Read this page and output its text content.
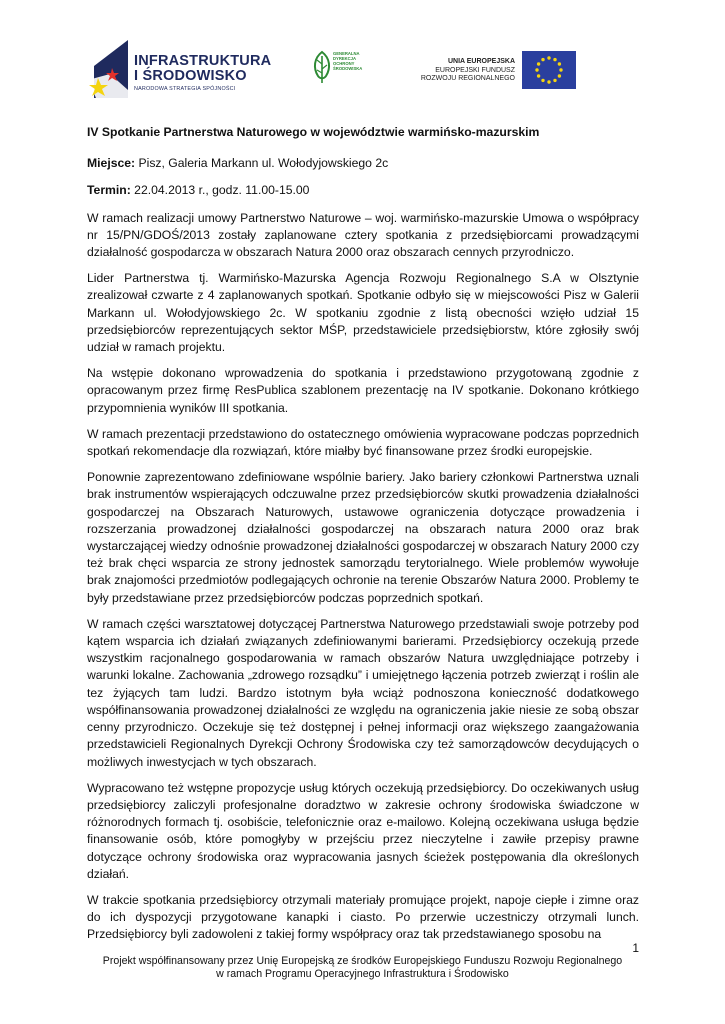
INFRASTRUKTURA
I ŚRODOWISKO
NARODOWA STRATEGIA SPÓJNOŚCI
GENERALNA
DYREKCJA
OCHRONY
ŚRODOWISKA
UNIA EUROPEJSKA
EUROPEJSKI FUNDUSZ
ROZWOJU REGIONALNEGO

IV Spotkanie Partnerstwa Naturowego w województwie warmińsko-mazurskim

Miejsce: Pisz, Galeria Markann ul. Wołodyjowskiego 2c

Termin: 22.04.2013 r., godz. 11.00-15.00

W ramach realizacji umowy Partnerstwo Naturowe – woj. warmińsko-mazurskie Umowa o współpracy nr 15/PN/GDOŚ/2013 zostały zaplanowane cztery spotkania z przedsiębiorcami prowadzącymi działalność gospodarcza w obszarach Natura 2000 oraz obszarach cennych przyrodniczo.

Lider Partnerstwa tj. Warmińsko-Mazurska Agencja Rozwoju Regionalnego S.A w Olsztynie zrealizował czwarte z 4 zaplanowanych spotkań. Spotkanie odbyło się w miejscowości Pisz w Galerii Markann ul. Wołodyjowskiego 2c. W spotkaniu zgodnie z listą obecności wzięło udział 15 przedsiębiorców reprezentujących sektor MŚP, przedstawiciele przedsiębiorstw, które zgłosiły swój udział w ramach projektu.

Na wstępie dokonano wprowadzenia do spotkania i przedstawiono przygotowaną zgodnie z opracowanym przez firmę ResPublica szablonem prezentację na IV spotkanie. Dokonano krótkiego przypomnienia wyników III spotkania.

W ramach prezentacji przedstawiono do ostatecznego omówienia wypracowane podczas poprzednich spotkań rekomendacje dla rozwiązań, które miałby być finansowane przez środki europejskie.

Ponownie zaprezentowano zdefiniowane wspólnie bariery. Jako bariery członkowi Partnerstwa uznali brak instrumentów wspierających odczuwalne przez przedsiębiorców skutki prowadzenia działalności gospodarczej na Obszarach Naturowych, ustawowe ograniczenia dotyczące prowadzenia i rozszerzania prowadzonej działalności gospodarczej na obszarach natura 2000 oraz brak wystarczającej wiedzy odnośnie prowadzonej działalności gospodarczej w obszarach Natury 2000 czy też brak chęci wsparcia ze strony jednostek samorządu terytorialnego. Wiele problemów wywołuje brak znajomości przedmiotów podlegających ochronie na terenie Obszarów Natura 2000. Problemy te były przedstawiane przez przedsiębiorców podczas poprzednich spotkań.

W ramach części warsztatowej dotyczącej Partnerstwa Naturowego przedstawiali swoje potrzeby pod kątem wsparcia ich działań związanych zdefiniowanymi barierami. Przedsiębiorcy oczekują przede wszystkim racjonalnego gospodarowania w ramach obszarów Natura uwzględniające potrzeby i warunki lokalne. Zachowania „zdrowego rozsądku” i umiejętnego łączenia potrzeb zwierząt i roślin ale tez żyjących tam ludzi. Bardzo istotnym była wciąż podnoszona konieczność dodatkowego współfinansowania prowadzonej działalności ze względu na ograniczenia jakie niesie ze sobą obszar cenny przyrodniczo. Oczekuje się też dostępnej i pełnej informacji oraz większego zaangażowania przedstawicieli Regionalnych Dyrekcji Ochrony Środowiska czy też samorządowców decydujących o możliwych inwestycjach w tych obszarach.

Wypracowano też wstępne propozycje usług których oczekują przedsiębiorcy. Do oczekiwanych usług przedsiębiorcy zaliczyli profesjonalne doradztwo w zakresie ochrony środowiska świadczone w różnorodnych formach tj. osobiście, telefonicznie oraz e-mailowo. Kolejną oczekiwana usługa będzie finansowanie osób, które pomogłyby w przejściu przez nieczytelne i zawiłe przepisy prawne dotyczące ochrony środowiska oraz wypracowania jasnych ścieżek postępowania dla określonych działań.

W trakcie spotkania przedsiębiorcy otrzymali materiały promujące projekt, napoje ciepłe i zimne oraz do ich dyspozycji przygotowane kanapki i ciasto. Po przerwie uczestniczy otrzymali lunch. Przedsiębiorcy byli zadowoleni z takiej formy współpracy oraz tak przedstawianego sposobu na

1
Projekt współfinansowany przez Unię Europejską ze środków Europejskiego Funduszu Rozwoju Regionalnego
w ramach Programu Operacyjnego Infrastruktura i Środowisko
